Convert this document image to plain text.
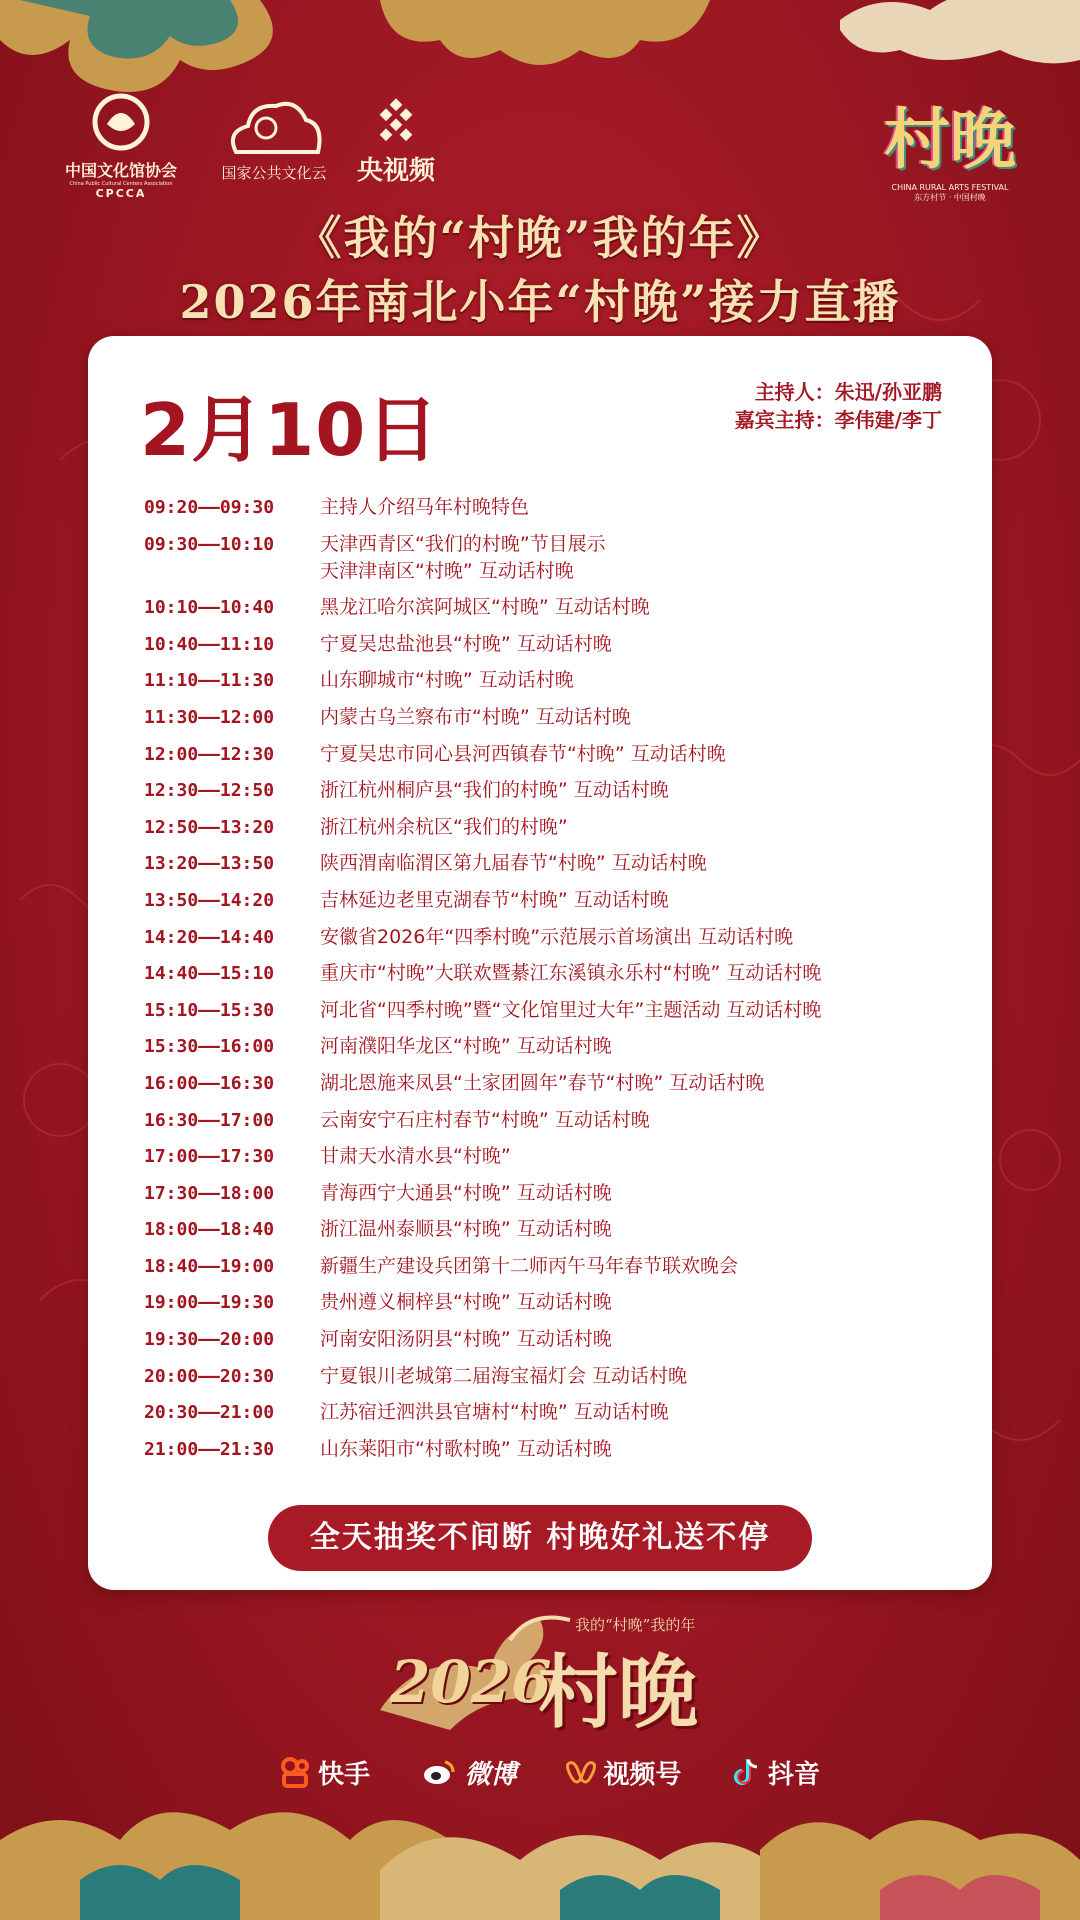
中国文化馆协会
China Public Cultural Centers Association
CPCCA
国家公共文化云	央视频	村晚
CHINA RURAL ARTS FESTIVAL
东方村节 · 中国村晚
《我的“村晚”我的年》
2026年南北小年“村晚”接力直播
2月10日	主持人：朱迅/孙亚鹏
嘉宾主持：李伟建/李丁
09:20——09:30	主持人介绍马年村晚特色
09:30——10:10	天津西青区“我们的村晚”节目展示
天津津南区“村晚” 互动话村晚
10:10——10:40	黑龙江哈尔滨阿城区“村晚” 互动话村晚
10:40——11:10	宁夏吴忠盐池县“村晚” 互动话村晚
11:10——11:30	山东聊城市“村晚” 互动话村晚
11:30——12:00	内蒙古乌兰察布市“村晚” 互动话村晚
12:00——12:30	宁夏吴忠市同心县河西镇春节“村晚” 互动话村晚
12:30——12:50	浙江杭州桐庐县“我们的村晚” 互动话村晚
12:50——13:20	浙江杭州余杭区“我们的村晚”
13:20——13:50	陕西渭南临渭区第九届春节“村晚” 互动话村晚
13:50——14:20	吉林延边老里克湖春节“村晚” 互动话村晚
14:20——14:40	安徽省2026年“四季村晚”示范展示首场演出 互动话村晚
14:40——15:10	重庆市“村晚”大联欢暨綦江东溪镇永乐村“村晚” 互动话村晚
15:10——15:30	河北省“四季村晚”暨“文化馆里过大年”主题活动 互动话村晚
15:30——16:00	河南濮阳华龙区“村晚” 互动话村晚
16:00——16:30	湖北恩施来凤县“土家团圆年”春节“村晚” 互动话村晚
16:30——17:00	云南安宁石庄村春节“村晚” 互动话村晚
17:00——17:30	甘肃天水清水县“村晚”
17:30——18:00	青海西宁大通县“村晚” 互动话村晚
18:00——18:40	浙江温州泰顺县“村晚” 互动话村晚
18:40——19:00	新疆生产建设兵团第十二师丙午马年春节联欢晚会
19:00——19:30	贵州遵义桐梓县“村晚” 互动话村晚
19:30——20:00	河南安阳汤阴县“村晚” 互动话村晚
20:00——20:30	宁夏银川老城第二届海宝福灯会 互动话村晚
20:30——21:00	江苏宿迁泗洪县官塘村“村晚” 互动话村晚
21:00——21:30	山东莱阳市“村歌村晚” 互动话村晚
全天抽奖不间断 村晚好礼送不停
2026
村晚
我的“村晚”我的年
快手	微博	视频号	抖音
